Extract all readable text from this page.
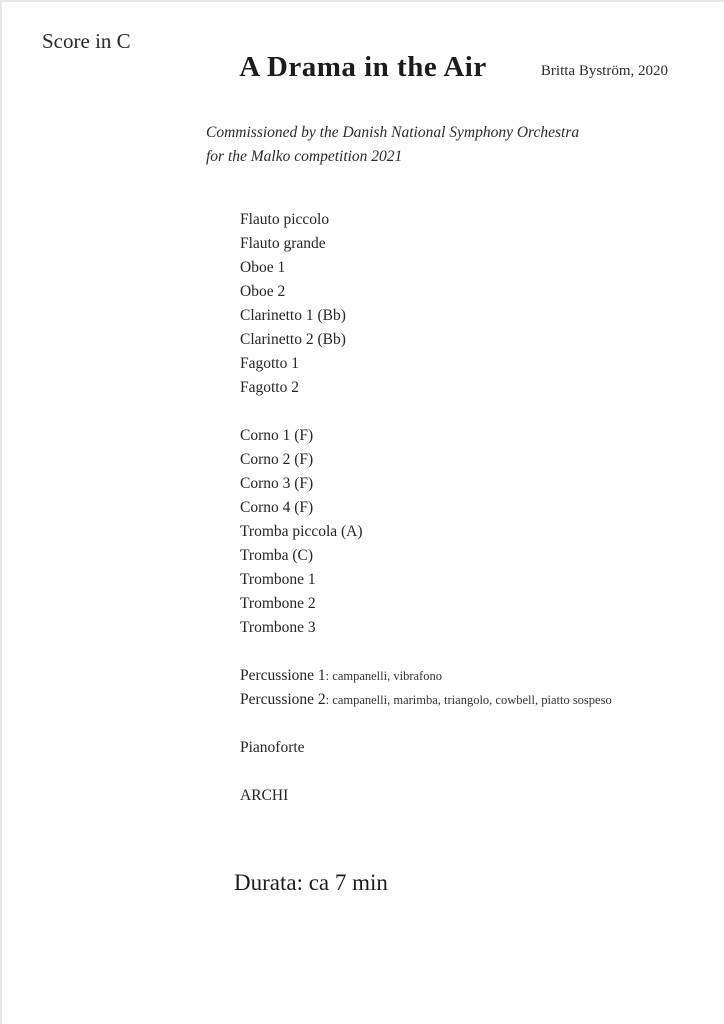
Score in C
A Drama in the Air	Britta Byström, 2020
Commissioned by the Danish National Symphony Orchestra
for the Malko competition 2021
Flauto piccolo
Flauto grande
Oboe 1
Oboe 2
Clarinetto 1 (Bb)
Clarinetto 2 (Bb)
Fagotto 1
Fagotto 2
Corno 1 (F)
Corno 2 (F)
Corno 3 (F)
Corno 4 (F)
Tromba piccola (A)
Tromba (C)
Trombone 1
Trombone 2
Trombone 3
Percussione 1: campanelli, vibrafono
Percussione 2: campanelli, marimba, triangolo, cowbell, piatto sospeso
Pianoforte
ARCHI
Durata: ca 7 min
